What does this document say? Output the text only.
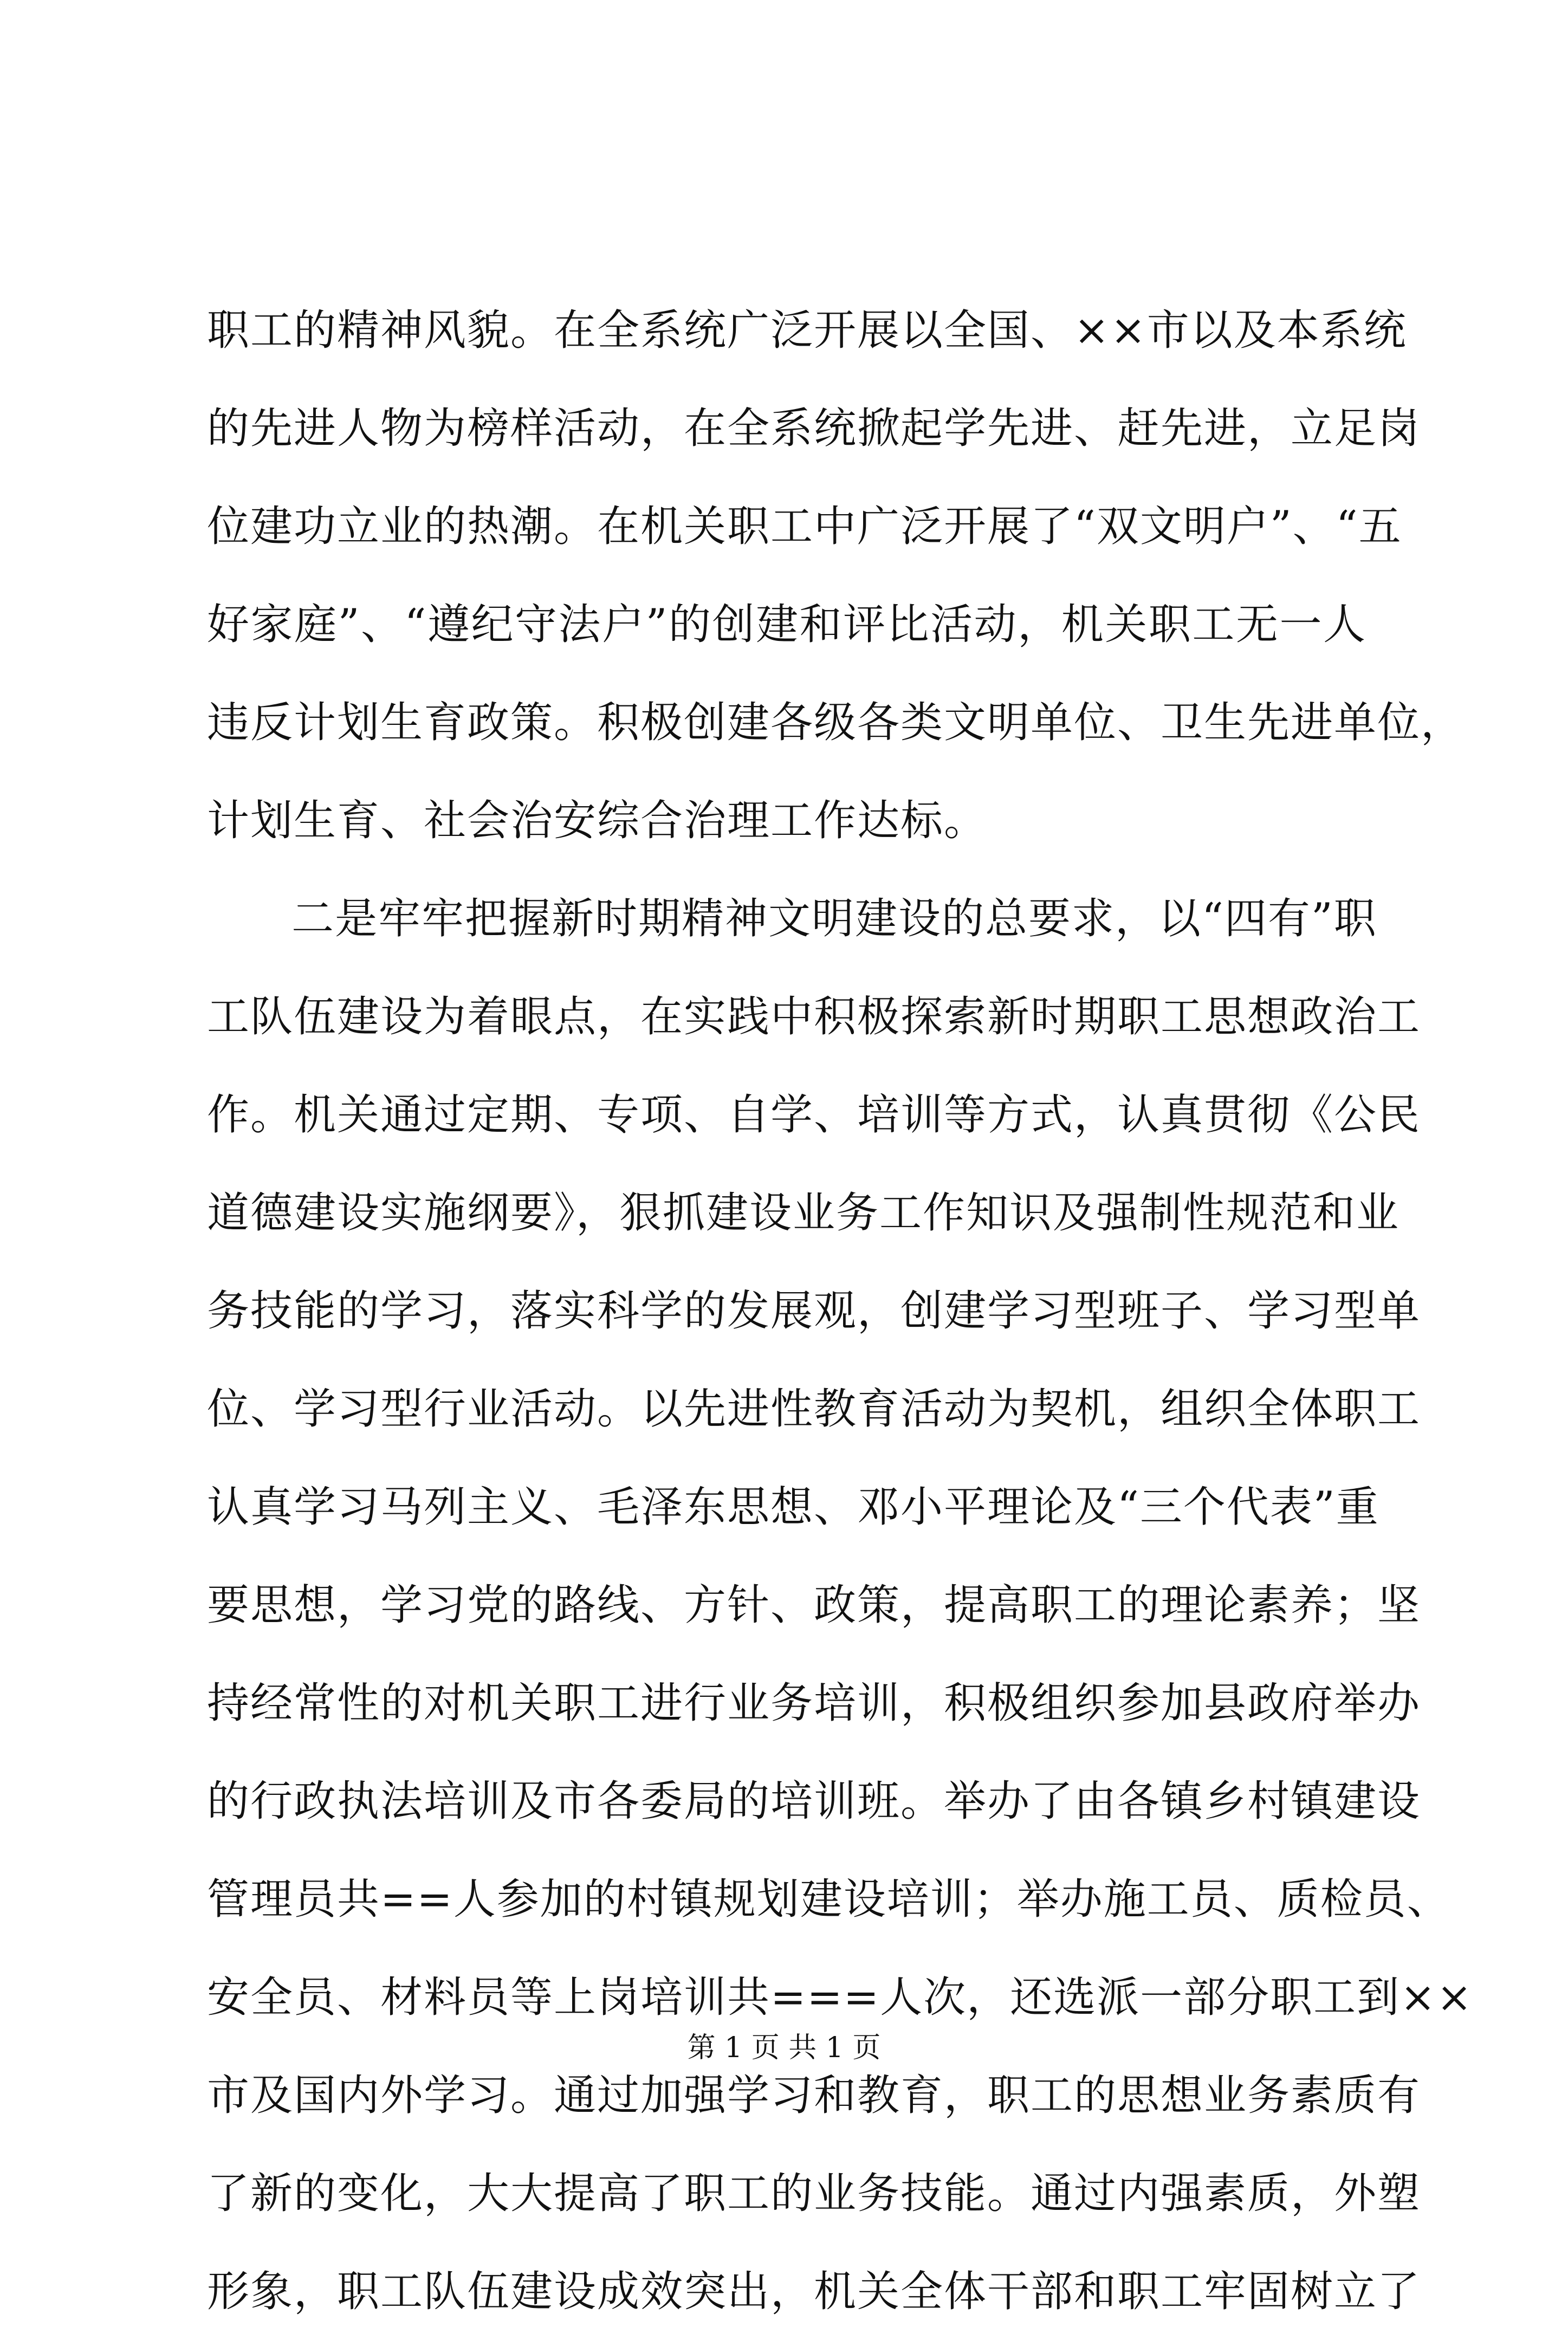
职工的精神风貌。在全系统广泛开展以全国、××市以及本系统
的先进人物为榜样活动，在全系统掀起学先进、赶先进，立足岗
位建功立业的热潮。在机关职工中广泛开展了“双文明户”、“五
好家庭”、“遵纪守法户”的创建和评比活动，机关职工无一人
违反计划生育政策。积极创建各级各类文明单位、卫生先进单位，
计划生育、社会治安综合治理工作达标。
二是牢牢把握新时期精神文明建设的总要求，以“四有”职
工队伍建设为着眼点，在实践中积极探索新时期职工思想政治工
作。机关通过定期、专项、自学、培训等方式，认真贯彻《公民
道德建设实施纲要》，狠抓建设业务工作知识及强制性规范和业
务技能的学习，落实科学的发展观，创建学习型班子、学习型单
位、学习型行业活动。以先进性教育活动为契机，组织全体职工
认真学习马列主义、毛泽东思想、邓小平理论及“三个代表”重
要思想，学习党的路线、方针、政策，提高职工的理论素养；坚
持经常性的对机关职工进行业务培训，积极组织参加县政府举办
的行政执法培训及市各委局的培训班。举办了由各镇乡村镇建设
管理员共==人参加的村镇规划建设培训；举办施工员、质检员、
安全员、材料员等上岗培训共===人次，还选派一部分职工到××
市及国内外学习。通过加强学习和教育，职工的思想业务素质有
了新的变化，大大提高了职工的业务技能。通过内强素质，外塑
形象，职工队伍建设成效突出，机关全体干部和职工牢固树立了
第 1 页 共 1 页
